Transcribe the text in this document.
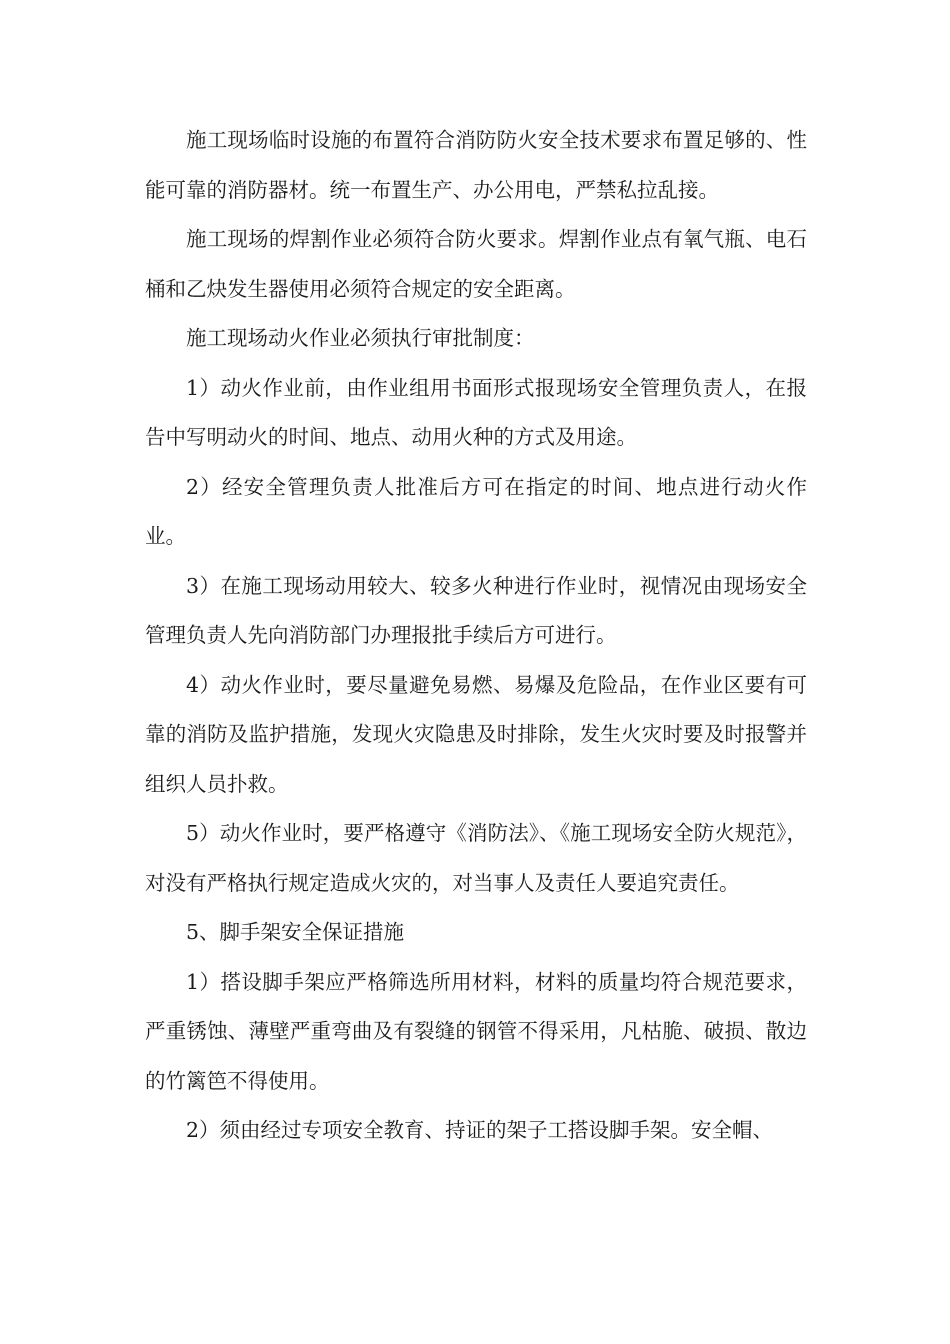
施工现场临时设施的布置符合消防防火安全技术要求布置足够的、性能可靠的消防器材。统一布置生产、办公用电，严禁私拉乱接。

施工现场的焊割作业必须符合防火要求。焊割作业点有氧气瓶、电石桶和乙炔发生器使用必须符合规定的安全距离。

施工现场动火作业必须执行审批制度：

1）动火作业前，由作业组用书面形式报现场安全管理负责人，在报告中写明动火的时间、地点、动用火种的方式及用途。

2）经安全管理负责人批准后方可在指定的时间、地点进行动火作业。

3）在施工现场动用较大、较多火种进行作业时，视情况由现场安全管理负责人先向消防部门办理报批手续后方可进行。

4）动火作业时，要尽量避免易燃、易爆及危险品，在作业区要有可靠的消防及监护措施，发现火灾隐患及时排除，发生火灾时要及时报警并组织人员扑救。

5）动火作业时，要严格遵守《消防法》、《施工现场安全防火规范》，对没有严格执行规定造成火灾的，对当事人及责任人要追究责任。

5、脚手架安全保证措施

1）搭设脚手架应严格筛选所用材料，材料的质量均符合规范要求，严重锈蚀、薄壁严重弯曲及有裂缝的钢管不得采用，凡枯脆、破损、散边的竹篱笆不得使用。

2）须由经过专项安全教育、持证的架子工搭设脚手架。安全帽、
